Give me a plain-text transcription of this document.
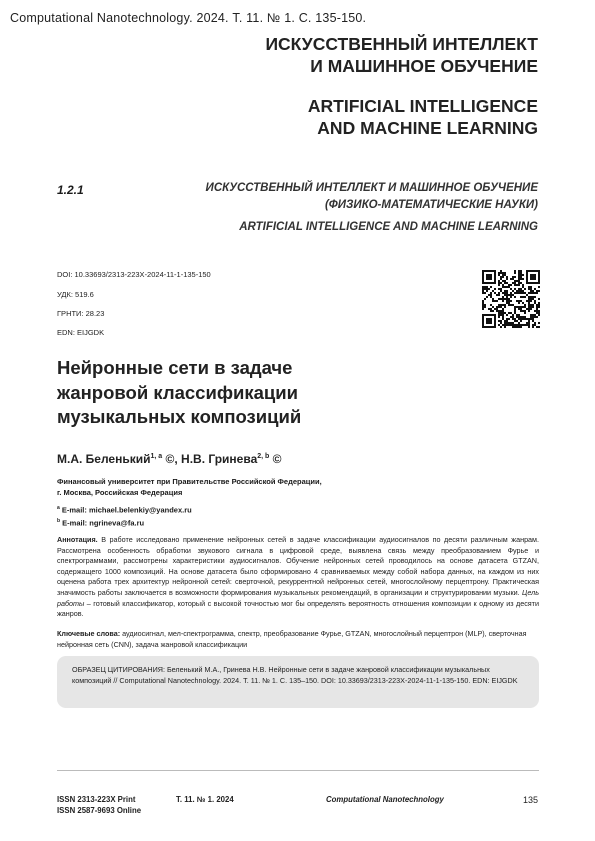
Computational Nanotechnology. 2024. Т. 11. № 1. С. 135-150.
ИСКУССТВЕННЫЙ ИНТЕЛЛЕКТ
И МАШИННОЕ ОБУЧЕНИЕ
ARTIFICIAL INTELLIGENCE
AND MACHINE LEARNING
1.2.1	ИСКУССТВЕННЫЙ ИНТЕЛЛЕКТ И МАШИННОЕ ОБУЧЕНИЕ
(ФИЗИКО-МАТЕМАТИЧЕСКИЕ НАУКИ)
ARTIFICIAL INTELLIGENCE AND MACHINE LEARNING
DOI: 10.33693/2313-223X-2024-11-1-135-150
УДК: 519.6
ГРНТИ: 28.23
EDN: EIJGDK
Нейронные сети в задаче
жанровой классификации
музыкальных композиций
М.А. Беленький$^{1, a}$ ©, Н.В. Гринева$^{2, b}$ ©
Финансовый университет при Правительстве Российской Федерации,
г. Москва, Российская Федерация
$^a$ E-mail: michael.belenkiy@yandex.ru
$^b$ E-mail: ngrineva@fa.ru
Аннотация. В работе исследовано применение нейронных сетей в задаче классификации аудиосигналов по десяти различным жанрам. Рассмотрена особенность обработки звукового сигнала в цифровой среде, выявлена связь между преобразованием Фурье и спектрограммами, рассмотрены характеристики аудиосигналов. Обучение нейронных сетей проводилось на основе датасета GTZAN, содержащего 1000 композиций. На основе датасета было сформировано 4 сравниваемых между собой набора данных, на каждом из них оценена работа трех архитектур нейронной сетей: сверточной, рекуррентной нейронных сетей, многослойному перцептрону. Практическая значимость работы заключается в возможности формирования музыкальных рекомендаций, в организации и структурировании музыки. Цель работы – готовый классификатор, который с высокой точностью мог бы определять вероятность отношения композиции к одному из десяти жанров.
Ключевые слова: аудиосигнал, мел-спектрограмма, спектр, преобразование Фурье, GTZAN, многослойный перцептрон (MLP), сверточная нейронная сеть (CNN), задача жанровой классификации
ОБРАЗЕЦ ЦИТИРОВАНИЯ: Беленький М.А., Гринева Н.В. Нейронные сети в задаче жанровой классификации музыкальных композиций // Computational Nanotechnology. 2024. Т. 11. № 1. С. 135–150. DOI: 10.33693/2313-223X-2024-11-1-135-150. EDN: EIJGDK
ISSN 2313-223X Print
ISSN 2587-9693 Online
Т. 11. № 1. 2024	Computational Nanotechnology	135
